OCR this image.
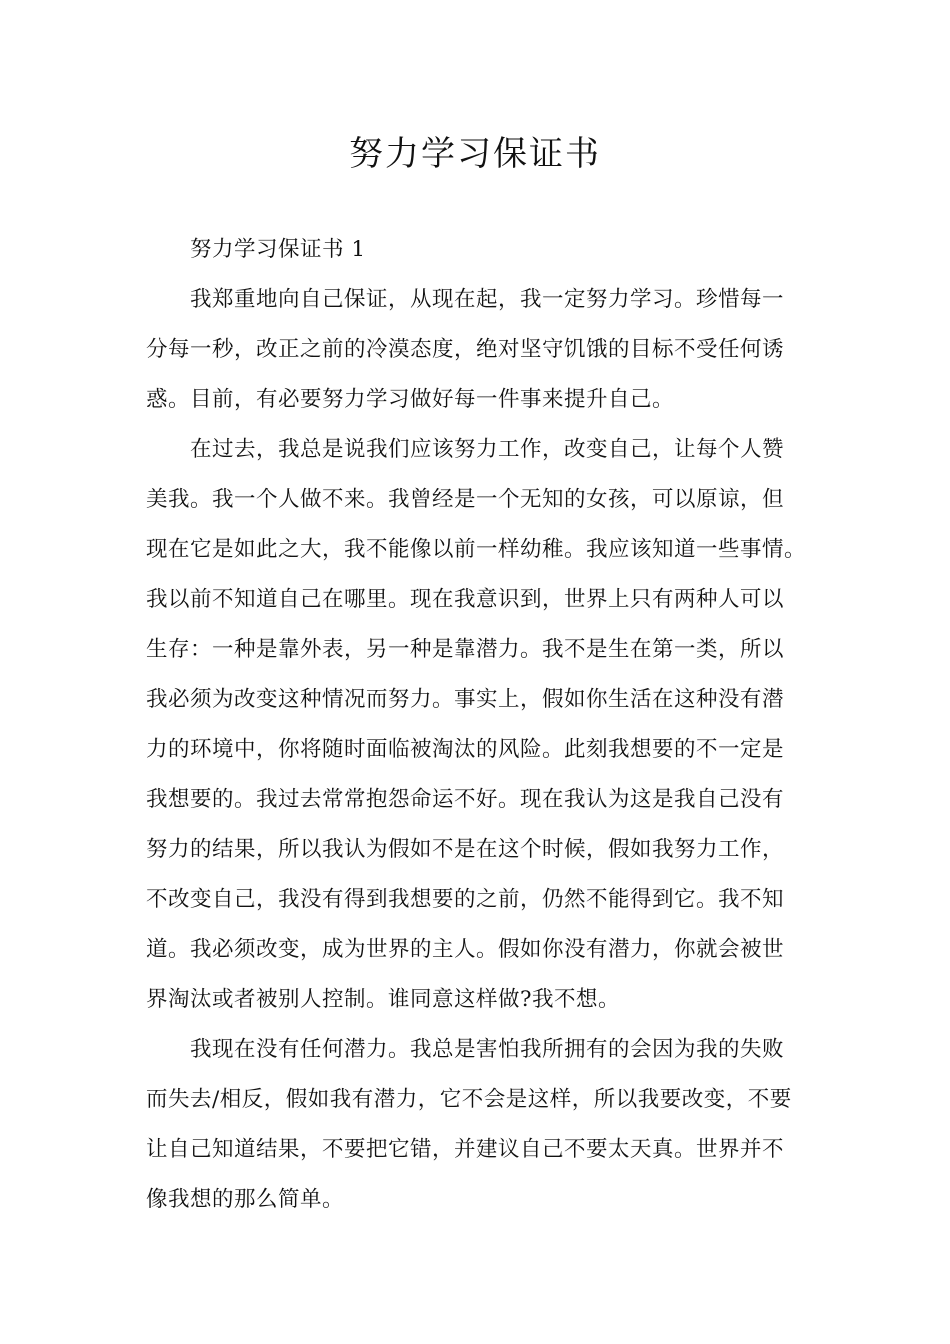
努力学习保证书
努力学习保证书 1
我郑重地向自己保证，从现在起，我一定努力学习。珍惜每一
分每一秒，改正之前的冷漠态度，绝对坚守饥饿的目标不受任何诱
惑。目前，有必要努力学习做好每一件事来提升自己。
在过去，我总是说我们应该努力工作，改变自己，让每个人赞
美我。我一个人做不来。我曾经是一个无知的女孩，可以原谅，但
现在它是如此之大，我不能像以前一样幼稚。我应该知道一些事情。
我以前不知道自己在哪里。现在我意识到，世界上只有两种人可以
生存：一种是靠外表，另一种是靠潜力。我不是生在第一类，所以
我必须为改变这种情况而努力。事实上，假如你生活在这种没有潜
力的环境中，你将随时面临被淘汰的风险。此刻我想要的不一定是
我想要的。我过去常常抱怨命运不好。现在我认为这是我自己没有
努力的结果，所以我认为假如不是在这个时候，假如我努力工作，
不改变自己，我没有得到我想要的之前，仍然不能得到它。我不知
道。我必须改变，成为世界的主人。假如你没有潜力，你就会被世
界淘汰或者被别人控制。谁同意这样做?我不想。
我现在没有任何潜力。我总是害怕我所拥有的会因为我的失败
而失去/相反，假如我有潜力，它不会是这样，所以我要改变，不要
让自己知道结果，不要把它错，并建议自己不要太天真。世界并不
像我想的那么简单。
